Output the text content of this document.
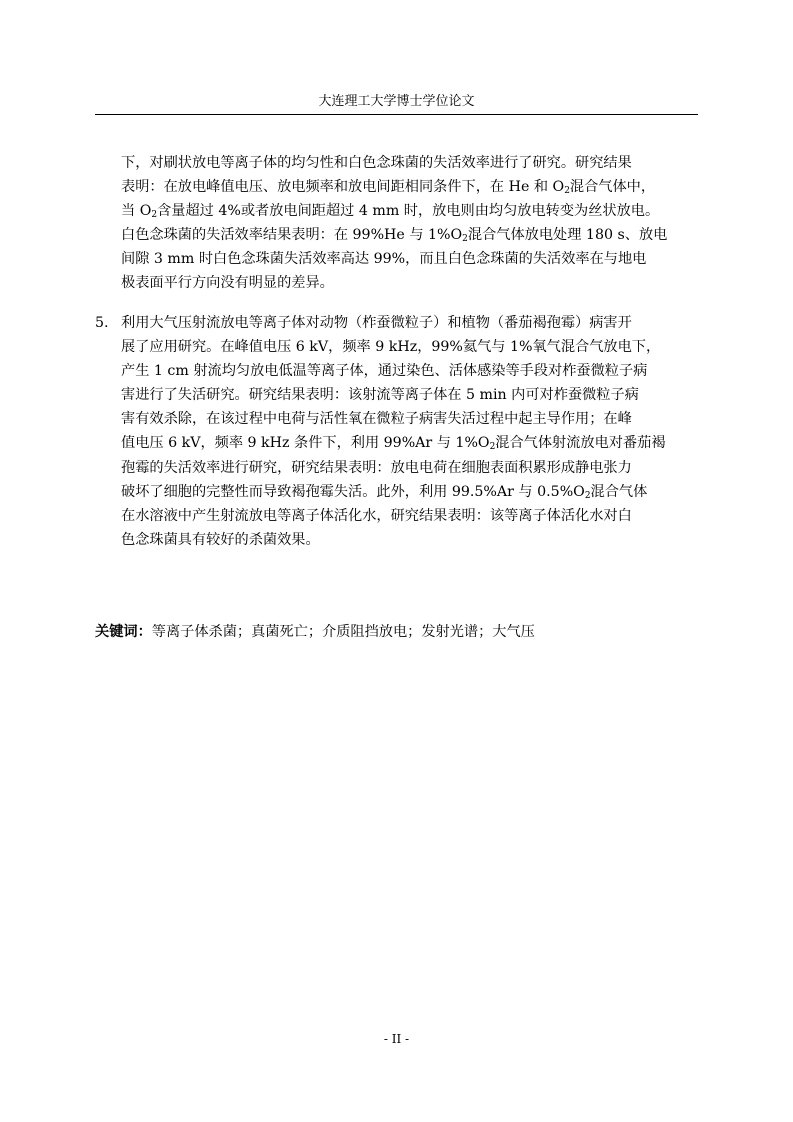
大连理工大学博士学位论文

下，对刷状放电等离子体的均匀性和白色念珠菌的失活效率进行了研究。研究结果
表明：在放电峰值电压、放电频率和放电间距相同条件下，在 He 和 $O_2$混合气体中，
当 $O_2$含量超过 4%或者放电间距超过 4 mm 时，放电则由均匀放电转变为丝状放电。
白色念珠菌的失活效率结果表明：在 99%He 与 $1\%O_2$混合气体放电处理 180 s、放电
间隙 3 mm 时白色念珠菌失活效率高达 99%，而且白色念珠菌的失活效率在与地电
极表面平行方向没有明显的差异。

5. 利用大气压射流放电等离子体对动物（柞蚕微粒子）和植物（番茄褐孢霉）病害开
展了应用研究。在峰值电压 6 kV，频率 9 kHz，99%氦气与 1%氧气混合气放电下，
产生 1 cm 射流均匀放电低温等离子体，通过染色、活体感染等手段对柞蚕微粒子病
害进行了失活研究。研究结果表明：该射流等离子体在 5 min 内可对柞蚕微粒子病
害有效杀除，在该过程中电荷与活性氧在微粒子病害失活过程中起主导作用；在峰
值电压 6 kV，频率 9 kHz 条件下，利用 99%Ar 与 $1\%O_2$混合气体射流放电对番茄褐
孢霉的失活效率进行研究，研究结果表明：放电电荷在细胞表面积累形成静电张力
破坏了细胞的完整性而导致褐孢霉失活。此外，利用 99.5%Ar 与 $0.5\%O_2$混合气体
在水溶液中产生射流放电等离子体活化水，研究结果表明：该等离子体活化水对白
色念珠菌具有较好的杀菌效果。

关键词：等离子体杀菌；真菌死亡；介质阻挡放电；发射光谱；大气压
- II -
